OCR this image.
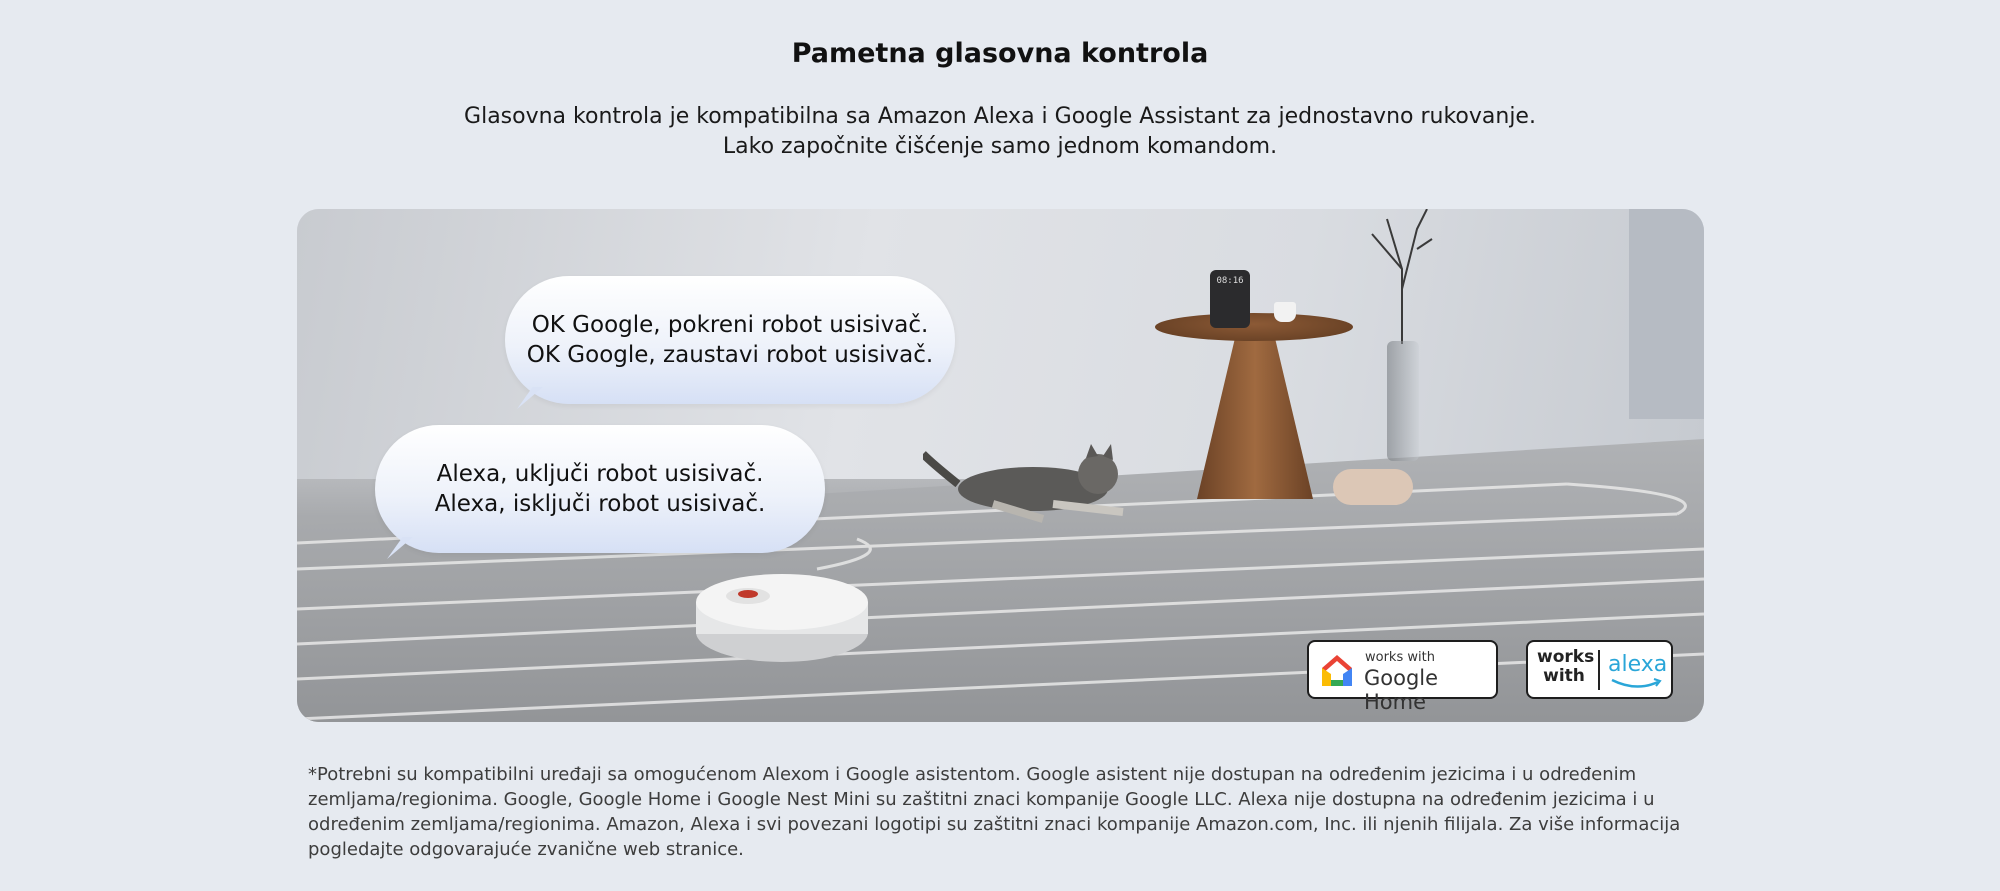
Pametna glasovna kontrola
Glasovna kontrola je kompatibilna sa Amazon Alexa i Google Assistant za jednostavno rukovanje.
Lako započnite čišćenje samo jednom komandom.
08:16
OK Google, pokreni robot usisivač.
OK Google, zaustavi robot usisivač.
Alexa, uključi robot usisivač.
Alexa, isključi robot usisivač.
works with
Google Home
works
with alexa
*Potrebni su kompatibilni uređaji sa omogućenom Alexom i Google asistentom. Google asistent nije dostupan na određenim jezicima i u određenim zemljama/regionima. Google, Google Home i Google Nest Mini su zaštitni znaci kompanije Google LLC. Alexa nije dostupna na određenim jezicima i u određenim zemljama/regionima. Amazon, Alexa i svi povezani logotipi su zaštitni znaci kompanije Amazon.com, Inc. ili njenih filijala. Za više informacija pogledajte odgovarajuće zvanične web stranice.
